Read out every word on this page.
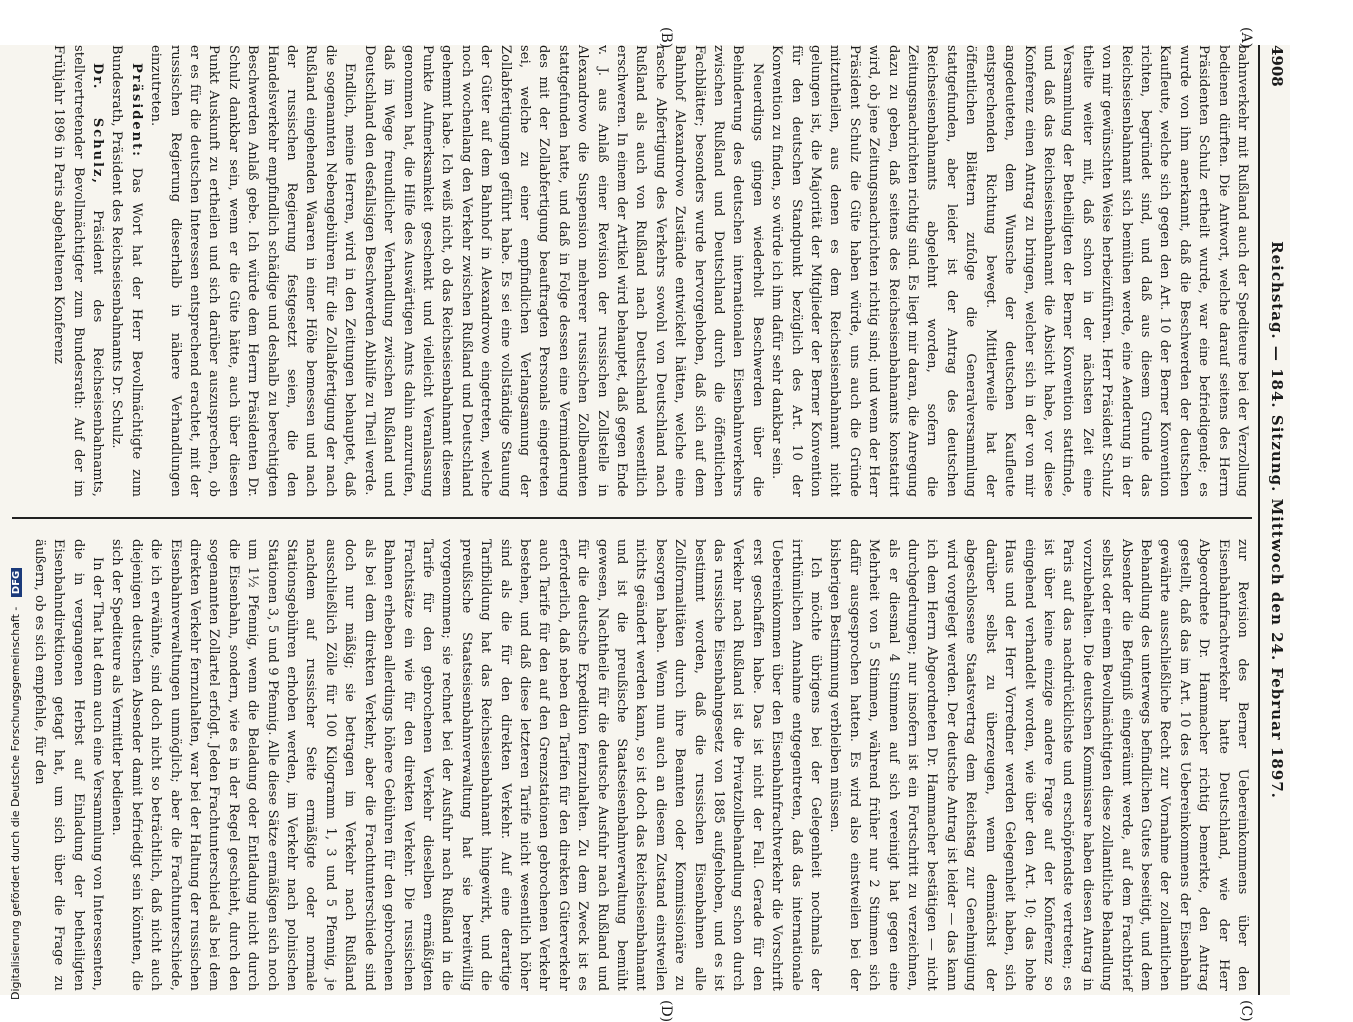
4908
Reichstag. — 184. Sitzung. Mittwoch den 24. Februar 1897.
(A)
(B)
(C)
(D)

bahnverkehr mit Rußland auch der Spediteure bei der Verzollung bedienen dürften. Die Antwort, welche darauf seitens des Herrn Präsidenten Schulz ertheilt wurde, war eine befriedigende; es wurde von ihm anerkannt, daß die Beschwerden der deutschen Kaufleute, welche sich gegen den Art. 10 der Berner Konvention richten, begründet sind, und daß aus diesem Grunde das Reichseisenbahnamt sich bemühen werde, eine Aenderung in der von mir gewünschten Weise herbeizuführen. Herr Präsident Schulz theilte weiter mit, daß schon in der nächsten Zeit eine Versammlung der Betheiligten der Berner Konvention stattfinde, und daß das Reichseisenbahnamt die Absicht habe, vor diese Konferenz einen Antrag zu bringen, welcher sich in der von mir angedeuteten, dem Wunsche der deutschen Kaufleute entsprechenden Richtung bewegt. Mittlerweile hat der öffentlichen Blättern zufolge die Generalversammlung stattgefunden, aber leider ist der Antrag des deutschen Reichseisenbahnamts abgelehnt worden, sofern die Zeitungsnachrichten richtig sind. Es liegt mir daran, die Anregung dazu zu geben, daß seitens des Reichseisenbahnamts konstatirt wird, ob jene Zeitungsnachrichten richtig sind; und wenn der Herr Präsident Schulz die Güte haben würde, uns auch die Gründe mitzutheilen, aus denen es dem Reichseisenbahnamt nicht gelungen ist, die Majorität der Mitglieder der Berner Konvention für den deutschen Standpunkt bezüglich des Art. 10 der Konvention zu finden, so würde ich ihm dafür sehr dankbar sein.

Neuerdings gingen wiederholt Beschwerden über die Behinderung des deutschen internationalen Eisenbahnverkehrs zwischen Rußland und Deutschland durch die öffentlichen Fachblätter; besonders wurde hervorgehoben, daß sich auf dem Bahnhof Alexandrowo Zustände entwickelt hätten, welche eine rasche Abfertigung des Verkehrs sowohl von Deutschland nach Rußland als auch von Rußland nach Deutschland wesentlich erschweren. In einem der Artikel wird behauptet, daß gegen Ende v. J. aus Anlaß einer Revision der russischen Zollstelle in Alexandrowo die Suspension mehrerer russischen Zollbeamten stattgefunden hatte, und daß in Folge dessen eine Verminderung des mit der Zollabfertigung beauftragten Personals eingetreten sei, welche zu einer empfindlichen Verlangsamung der Zollabfertigungen geführt habe. Es sei eine vollständige Stauung der Güter auf dem Bahnhof in Alexandrowo eingetreten, welche noch wochenlang den Verkehr zwischen Rußland und Deutschland gehemmt habe. Ich weiß nicht, ob das Reichseisenbahnamt diesem Punkte Aufmerksamkeit geschenkt und vielleicht Veranlassung genommen hat, die Hilfe des Auswärtigen Amts dahin anzurufen, daß im Wege freundlicher Verhandlung zwischen Rußland und Deutschland den desfallsigen Beschwerden Abhilfe zu Theil werde.

Endlich, meine Herren, wird in den Zeitungen behauptet, daß die sogenannten Nebengebühren für die Zollabfertigung der nach Rußland eingehenden Waaren in einer Höhe bemessen und nach der russischen Regierung festgesetzt seien, die den Handelsverkehr empfindlich schädige und deshalb zu berechtigten Beschwerden Anlaß gebe. Ich würde dem Herrn Präsidenten Dr. Schulz dankbar sein, wenn er die Güte hätte, auch über diesen Punkt Auskunft zu ertheilen und sich darüber auszusprechen, ob er es für die deutschen Interessen entsprechend erachtet, mit der russischen Regierung dieserhalb in nähere Verhandlungen einzutreten.

Präsident: Das Wort hat der Herr Bevollmächtigte zum Bundesrath, Präsident des Reichseisenbahnamts Dr. Schulz.

Dr. Schulz, Präsident des Reichseisenbahnamts, stellvertretender Bevollmächtigter zum Bundesrath: Auf der im Frühjahr 1896 in Paris abgehaltenen Konferenz

zur Revision des Berner Uebereinkommens über den Eisenbahnfrachtverkehr hatte Deutschland, wie der Herr Abgeordnete Dr. Hammacher richtig bemerkte, den Antrag gestellt, daß das im Art. 10 des Uebereinkommens der Eisenbahn gewährte ausschließliche Recht zur Vornahme der zollamtlichen Behandlung des unterwegs befindlichen Gutes beseitigt, und dem Absender die Befugniß eingeräumt werde, auf dem Frachtbrief selbst oder einem Bevollmächtigten diese zollamtliche Behandlung vorzubehalten. Die deutschen Kommissare haben diesen Antrag in Paris auf das nachdrücklichste und erschöpfendste vertreten; es ist über keine einzige andere Frage auf der Konferenz so eingehend verhandelt worden, wie über den Art. 10; das hohe Haus und der Herr Vorredner werden Gelegenheit haben, sich darüber selbst zu überzeugen, wenn demnächst der abgeschlossene Staatsvertrag dem Reichstag zur Genehmigung wird vorgelegt werden. Der deutsche Antrag ist leider — das kann ich dem Herrn Abgeordneten Dr. Hammacher bestätigen — nicht durchgedrungen; nur insofern ist ein Fortschritt zu verzeichnen, als er diesmal 4 Stimmen auf sich vereinigt hat gegen eine Mehrheit von 5 Stimmen, während früher nur 2 Stimmen sich dafür ausgesprochen hatten. Es wird also einstweilen bei der bisherigen Bestimmung verbleiben müssen.

Ich möchte übrigens bei der Gelegenheit nochmals der irrthümlichen Annahme entgegentreten, daß das internationale Uebereinkommen über den Eisenbahnfrachtverkehr die Vorschrift erst geschaffen habe. Das ist nicht der Fall. Gerade für den Verkehr nach Rußland ist die Privatzollbehandlung schon durch das russische Eisenbahngesetz von 1885 aufgehoben, und es ist bestimmt worden, daß die russischen Eisenbahnen alle Zollformalitäten durch ihre Beamten oder Kommissionäre zu besorgen haben. Wenn nun auch an diesem Zustand einstweilen nichts geändert werden kann, so ist doch das Reichseisenbahnamt und ist die preußische Staatseisenbahnverwaltung bemüht gewesen, Nachtheile für die deutsche Ausfuhr nach Rußland und für die deutsche Expedition fernzuhalten. Zu dem Zweck ist es erforderlich, daß neben den Tarifen für den direkten Güterverkehr auch Tarife für den auf den Grenzstationen gebrochenen Verkehr bestehen, und daß diese letzteren Tarife nicht wesentlich höher sind als die für den direkten Verkehr. Auf eine derartige Tarifbildung hat das Reichseisenbahnamt hingewirkt, und die preußische Staatseisenbahnverwaltung hat sie bereitwillig vorgenommen; sie rechnet bei der Ausfuhr nach Rußland in die Tarife für den gebrochenen Verkehr dieselben ermäßigten Frachtsätze ein wie für den direkten Verkehr. Die russischen Bahnen erheben allerdings höhere Gebühren für den gebrochenen als bei dem direkten Verkehr, aber die Frachtunterschiede sind doch nur mäßig; sie betragen im Verkehr nach Rußland ausschließlich Zölle für 100 Kilogramm 1, 3 und 5 Pfennig, je nachdem auf russischer Seite ermäßigte oder normale Stationsgebühren erhoben werden, im Verkehr nach polnischen Stationen 3, 5 und 9 Pfennig. Alle diese Sätze ermäßigen sich noch um 1½ Pfennig, wenn die Beladung oder Entladung nicht durch die Eisenbahn, sondern, wie es in der Regel geschieht, durch den sogenannten Zollartel erfolgt. Jeden Frachtunterschied als bei dem direkten Verkehr fernzuhalten, war bei der Haltung der russischen Eisenbahnverwaltungen unmöglich; aber die Frachtunterschiede, die ich erwähnte, sind doch nicht so beträchtlich, daß nicht auch diejenigen deutschen Absender damit befriedigt sein könnten, die sich der Spediteure als Vermittler bedienen.

In der That hat denn auch eine Versammlung von Interessenten, die in vergangenen Herbst auf Einladung der betheiligten Eisenbahndirektionen getagt hat, um sich über die Frage zu äußern, ob es sich empfehle, für den

Digitalisierung gefördert durch die Deutsche Forschungsgemeinschaft - DFG
